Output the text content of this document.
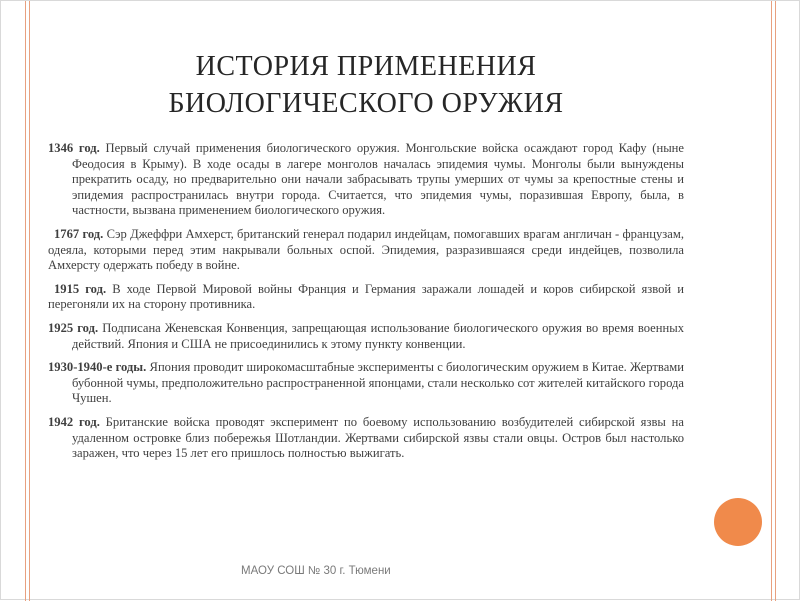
ИСТОРИЯ ПРИМЕНЕНИЯ
БИОЛОГИЧЕСКОГО ОРУЖИЯ

1346 год. Первый случай применения биологического оружия. Монгольские войска осаждают город Кафу (ныне Феодосия в Крыму). В ходе осады в лагере монголов началась эпидемия чумы. Монголы были вынуждены прекратить осаду, но предварительно они начали забрасывать трупы умерших от чумы за крепостные стены и эпидемия распространилась внутри города. Считается, что эпидемия чумы, поразившая Европу, была, в частности, вызвана применением биологического оружия.

1767 год. Сэр Джеффри Амхерст, британский генерал подарил индейцам, помогавших врагам англичан - французам, одеяла, которыми перед этим накрывали больных оспой. Эпидемия, разразившаяся среди индейцев, позволила Амхерсту одержать победу в войне.

1915 год. В ходе Первой Мировой войны Франция и Германия заражали лошадей и коров сибирской язвой и перегоняли их на сторону противника.

1925 год. Подписана Женевская Конвенция, запрещающая использование биологического оружия во время военных действий. Япония и США не присоединились к этому пункту конвенции.

1930-1940-е годы. Япония проводит широкомасштабные эксперименты с биологическим оружием в Китае. Жертвами бубонной чумы, предположительно распространенной японцами, стали несколько сот жителей китайского города Чушен.

1942 год. Британские войска проводят эксперимент по боевому использованию возбудителей сибирской язвы на удаленном островке близ побережья Шотландии. Жертвами сибирской язвы стали овцы. Остров был настолько заражен, что через 15 лет его пришлось полностью выжигать.

МАОУ СОШ № 30 г. Тюмени
